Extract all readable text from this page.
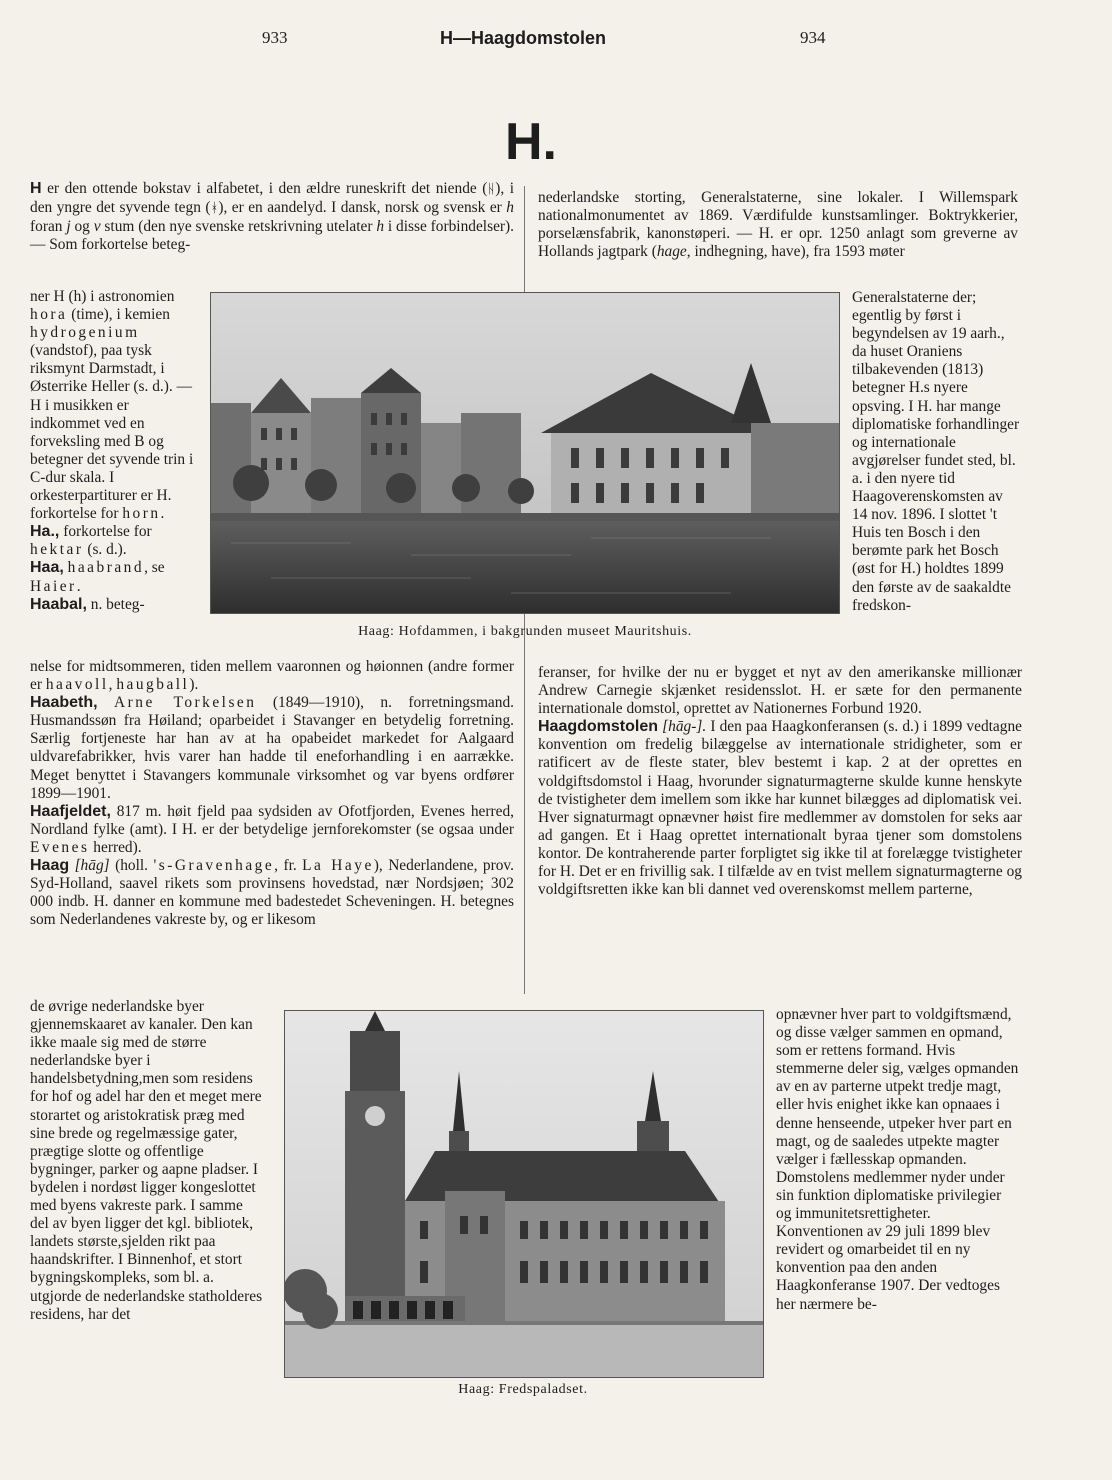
933	H—Haagdomstolen	934
H.

H er den ottende bokstav i alfabetet, i den ældre runeskrift det niende (ᚺ), i den yngre det syvende tegn (ᚼ), er en aandelyd. I dansk, norsk og svensk er h foran j og v stum (den nye svenske retskrivning utelater h i disse forbindelser). — Som forkortelse beteg-

ner H (h) i astronomien hora (time), i kemien hydrogenium (vandstof), paa tysk riksmynt Darmstadt, i Østerrike Heller (s. d.). — H i musikken er indkommet ved en forveksling med B og betegner det syvende trin i C-dur skala. I orkesterpartiturer er H. forkortelse for horn.

Ha., forkortelse for hektar (s. d.).

Haa, haabrand, se Haier.

Haabal, n. beteg-

Haag: Hofdammen, i bakgrunden museet Mauritshuis.

nelse for midtsommeren, tiden mellem vaaronnen og høionnen (andre former er haavoll, haugball).

Haabeth, Arne Torkelsen (1849—1910), n. forretningsmand. Husmandssøn fra Høiland; oparbeidet i Stavanger en betydelig forretning. Særlig fortjeneste har han av at ha opabeidet markedet for Aalgaard uldvarefabrikker, hvis varer han hadde til eneforhandling i en aarrække. Meget benyttet i Stavangers kommunale virksomhet og var byens ordfører 1899—1901.

Haafjeldet, 817 m. høit fjeld paa sydsiden av Ofotfjorden, Evenes herred, Nordland fylke (amt). I H. er der betydelige jernforekomster (se ogsaa under Evenes herred).

Haag [hāg] (holl. 's-Gravenhage, fr. La Haye), Nederlandene, prov. Syd-Holland, saavel rikets som provinsens hovedstad, nær Nordsjøen; 302 000 indb. H. danner en kommune med badestedet Scheveningen. H. betegnes som Nederlandenes vakreste by, og er likesom

de øvrige nederlandske byer gjennemskaaret av kanaler. Den kan ikke maale sig med de større nederlandske byer i handelsbetydning,men som residens for hof og adel har den et meget mere storartet og aristokratisk præg med sine brede og regelmæssige gater, prægtige slotte og offentlige bygninger, parker og aapne pladser. I bydelen i nordøst ligger kongeslottet med byens vakreste park. I samme del av byen ligger det kgl. bibliotek, landets største,sjelden rikt paa haandskrifter. I Binnenhof, et stort bygningskompleks, som bl. a. utgjorde de nederlandske statholderes residens, har det

Haag: Fredspaladset.

nederlandske storting, Generalstaterne, sine lokaler. I Willemspark nationalmonumentet av 1869. Værdifulde kunstsamlinger. Boktrykkerier, porselænsfabrik, kanonstøperi. — H. er opr. 1250 anlagt som greverne av Hollands jagtpark (hage, indhegning, have), fra 1593 møter

Generalstaterne der; egentlig by først i begyndelsen av 19 aarh., da huset Oraniens tilbakevenden (1813) betegner H.s nyere opsving. I H. har mange diplomatiske forhandlinger og internationale avgjørelser fundet sted, bl. a. i den nyere tid Haagoverenskomsten av 14 nov. 1896. I slottet 't Huis ten Bosch i den berømte park het Bosch (øst for H.) holdtes 1899 den første av de saakaldte fredskon-

feranser, for hvilke der nu er bygget et nyt av den amerikanske millionær Andrew Carnegie skjænket residensslot. H. er sæte for den permanente internationale domstol, oprettet av Nationernes Forbund 1920.

Haagdomstolen [hāg-]. I den paa Haagkonferansen (s. d.) i 1899 vedtagne konvention om fredelig bilæggelse av internationale stridigheter, som er ratificert av de fleste stater, blev bestemt i kap. 2 at der oprettes en voldgiftsdomstol i Haag, hvorunder signaturmagterne skulde kunne henskyte de tvistigheter dem imellem som ikke har kunnet bilægges ad diplomatisk vei. Hver signaturmagt opnævner høist fire medlemmer av domstolen for seks aar ad gangen. Et i Haag oprettet internationalt byraa tjener som domstolens kontor. De kontraherende parter forpligtet sig ikke til at forelægge tvistigheter for H. Det er en frivillig sak. I tilfælde av en tvist mellem signaturmagterne og voldgiftsretten ikke kan bli dannet ved overenskomst mellem parterne,

opnævner hver part to voldgiftsmænd, og disse vælger sammen en opmand, som er rettens formand. Hvis stemmerne deler sig, vælges opmanden av en av parterne utpekt tredje magt, eller hvis enighet ikke kan opnaaes i denne henseende, utpeker hver part en magt, og de saaledes utpekte magter vælger i fællesskap opmanden. Domstolens medlemmer nyder under sin funktion diplomatiske privilegier og immunitetsrettigheter. Konventionen av 29 juli 1899 blev revidert og omarbeidet til en ny konvention paa den anden Haagkonferanse 1907. Der vedtoges her nærmere be-
